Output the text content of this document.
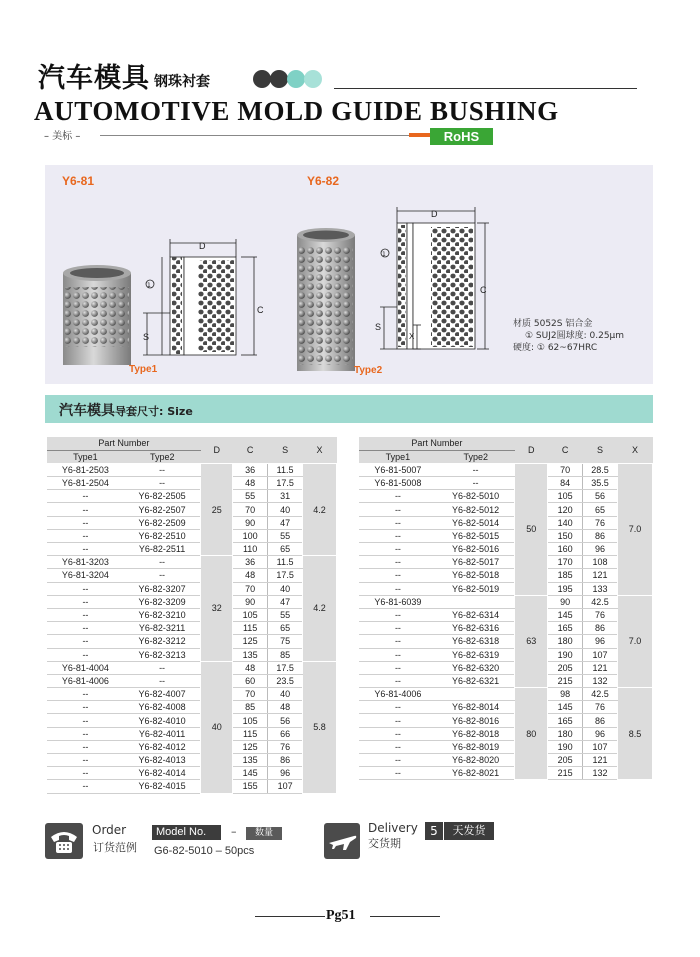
汽车模具 钢珠衬套
AUTOMOTIVE MOLD GUIDE BUSHING
– 美标 –	RoHS
Y6-81	Y6-82
D
C
S
1
D
C
S
X
1
Type1	Type2
材质 5052S 铝合金
① SUJ2圆球度: 0.25μm
硬度: ① 62~67HRC
汽车模具导套尺寸: Size
Part Number		D	C	S	X
Type1	Type2				
Y6-81-2503	--	25	36	11.5	4.2
Y6-81-2504	--		48	17.5	
--	Y6-82-2505		55	31	
--	Y6-82-2507		70	40	
--	Y6-82-2509		90	47	
--	Y6-82-2510		100	55	
--	Y6-82-2511		110	65	
Y6-81-3203	--	32	36	11.5	4.2
Y6-81-3204	--		48	17.5	
--	Y6-82-3207		70	40	
--	Y6-82-3209		90	47	
--	Y6-82-3210		105	55	
--	Y6-82-3211		115	65	
--	Y6-82-3212		125	75	
--	Y6-82-3213		135	85	
Y6-81-4004	--	40	48	17.5	5.8
Y6-81-4006	--		60	23.5	
--	Y6-82-4007		70	40	
--	Y6-82-4008		85	48	
--	Y6-82-4010		105	56	
--	Y6-82-4011		115	66	
--	Y6-82-4012		125	76	
--	Y6-82-4013		135	86	
--	Y6-82-4014		145	96	
--	Y6-82-4015		155	107	
Part Number		D	C	S	X
Type1	Type2				
Y6-81-5007	--	50	70	28.5	7.0
Y6-81-5008	--		84	35.5	
--	Y6-82-5010		105	56	
--	Y6-82-5012		120	65	
--	Y6-82-5014		140	76	
--	Y6-82-5015		150	86	
--	Y6-82-5016		160	96	
--	Y6-82-5017		170	108	
--	Y6-82-5018		185	121	
--	Y6-82-5019		195	133	
Y6-81-6039		63	90	42.5	7.0
--	Y6-82-6314		145	76	
--	Y6-82-6316		165	86	
--	Y6-82-6318		180	96	
--	Y6-82-6319		190	107	
--	Y6-82-6320		205	121	
--	Y6-82-6321		215	132	
Y6-81-4006		80	98	42.5	8.5
--	Y6-82-8014		145	76	
--	Y6-82-8016		165	86	
--	Y6-82-8018		180	96	
--	Y6-82-8019		190	107	
--	Y6-82-8020		205	121	
--	Y6-82-8021		215	132	
Order
订货范例
Model No.	–	数量
G6-82-5010 – 50pcs
Delivery
交货期
5	天发货
Pg51
